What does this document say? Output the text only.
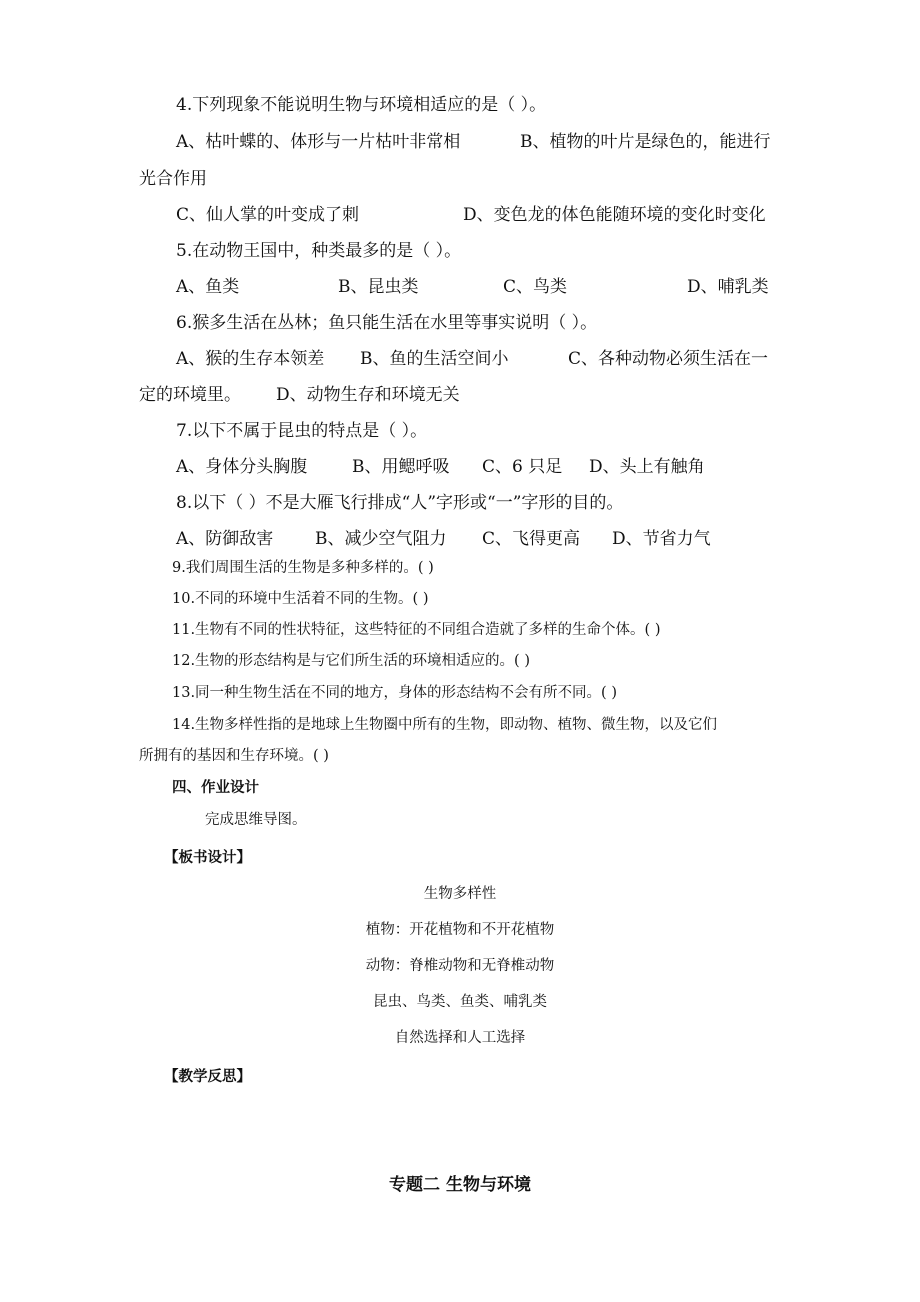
4.下列现象不能说明生物与环境相适应的是（ ）。
A、枯叶蝶的、体形与一片枯叶非常相	B、植物的叶片是绿色的，能进行
光合作用
C、仙人掌的叶变成了刺	D、变色龙的体色能随环境的变化时变化
5.在动物王国中，种类最多的是（ ）。
A、鱼类	B、昆虫类	C、鸟类	D、哺乳类
6.猴多生活在丛林；鱼只能生活在水里等事实说明（ ）。
A、猴的生存本领差 B、鱼的生活空间小	C、各种动物必须生活在一
定的环境里。 D、动物生存和环境无关
7.以下不属于昆虫的特点是（ ）。
A、身体分头胸腹	B、用鳃呼吸 C、6 只足 D、头上有触角
8.以下（ ）不是大雁飞行排成“人”字形或“一”字形的目的。
A、防御敌害 B、减少空气阻力 C、飞得更高 D、节省力气
9.我们周围生活的生物是多种多样的。( )
10.不同的环境中生活着不同的生物。( )
11.生物有不同的性状特征，这些特征的不同组合造就了多样的生命个体。( )
12.生物的形态结构是与它们所生活的环境相适应的。( )
13.同一种生物生活在不同的地方，身体的形态结构不会有所不同。( )
14.生物多样性指的是地球上生物圈中所有的生物，即动物、植物、微生物，以及它们
所拥有的基因和生存环境。( )
四、作业设计
完成思维导图。
【板书设计】
生物多样性
植物：开花植物和不开花植物
动物：脊椎动物和无脊椎动物
昆虫、鸟类、鱼类、哺乳类
自然选择和人工选择
【教学反思】
专题二 生物与环境
